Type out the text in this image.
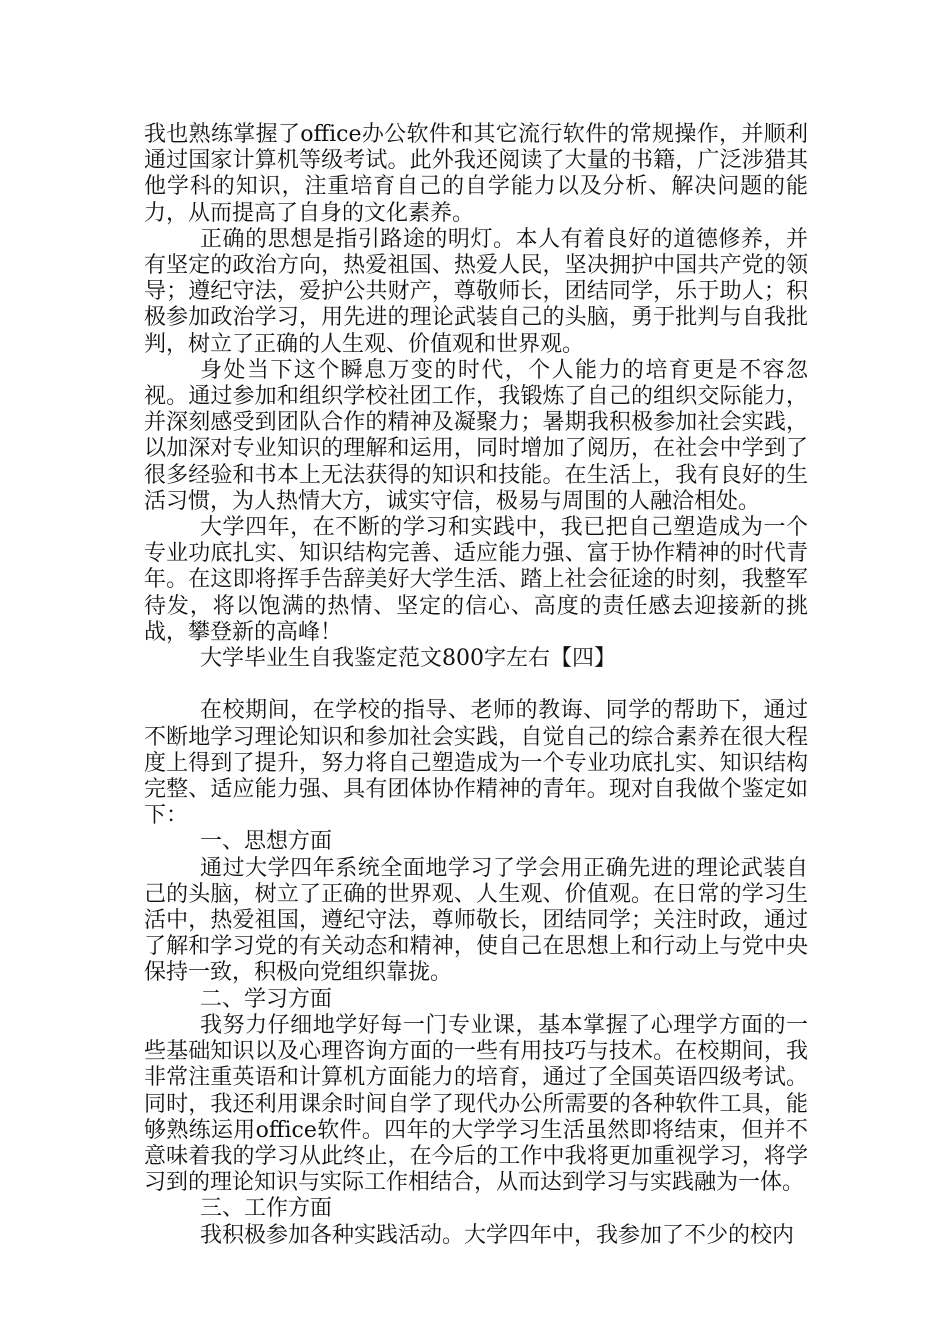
我也熟练掌握了office办公软件和其它流行软件的常规操作，并顺利通过国家计算机等级考试。此外我还阅读了大量的书籍，广泛涉猎其他学科的知识，注重培育自己的自学能力以及分析、解决问题的能力，从而提高了自身的文化素养。

正确的思想是指引路途的明灯。本人有着良好的道德修养，并有坚定的政治方向，热爱祖国、热爱人民，坚决拥护中国共产党的领导；遵纪守法，爱护公共财产，尊敬师长，团结同学，乐于助人；积极参加政治学习，用先进的理论武装自己的头脑，勇于批判与自我批判，树立了正确的人生观、价值观和世界观。

身处当下这个瞬息万变的时代，个人能力的培育更是不容忽视。通过参加和组织学校社团工作，我锻炼了自己的组织交际能力，并深刻感受到团队合作的精神及凝聚力；暑期我积极参加社会实践，以加深对专业知识的理解和运用，同时增加了阅历，在社会中学到了很多经验和书本上无法获得的知识和技能。在生活上，我有良好的生活习惯，为人热情大方，诚实守信，极易与周围的人融洽相处。

大学四年，在不断的学习和实践中，我已把自己塑造成为一个专业功底扎实、知识结构完善、适应能力强、富于协作精神的时代青年。在这即将挥手告辞美好大学生活、踏上社会征途的时刻，我整军待发，将以饱满的热情、坚定的信心、高度的责任感去迎接新的挑战，攀登新的高峰！

大学毕业生自我鉴定范文800字左右【四】

在校期间，在学校的指导、老师的教诲、同学的帮助下，通过不断地学习理论知识和参加社会实践，自觉自己的综合素养在很大程度上得到了提升，努力将自己塑造成为一个专业功底扎实、知识结构完整、适应能力强、具有团体协作精神的青年。现对自我做个鉴定如下：

一、思想方面

通过大学四年系统全面地学习了学会用正确先进的理论武装自己的头脑，树立了正确的世界观、人生观、价值观。在日常的学习生活中，热爱祖国，遵纪守法，尊师敬长，团结同学；关注时政，通过了解和学习党的有关动态和精神，使自己在思想上和行动上与党中央保持一致，积极向党组织靠拢。

二、学习方面

我努力仔细地学好每一门专业课，基本掌握了心理学方面的一些基础知识以及心理咨询方面的一些有用技巧与技术。在校期间，我非常注重英语和计算机方面能力的培育，通过了全国英语四级考试。同时，我还利用课余时间自学了现代办公所需要的各种软件工具，能够熟练运用office软件。四年的大学学习生活虽然即将结束，但并不意味着我的学习从此终止，在今后的工作中我将更加重视学习，将学习到的理论知识与实际工作相结合，从而达到学习与实践融为一体。

三、工作方面

我积极参加各种实践活动。大学四年中，我参加了不少的校内
